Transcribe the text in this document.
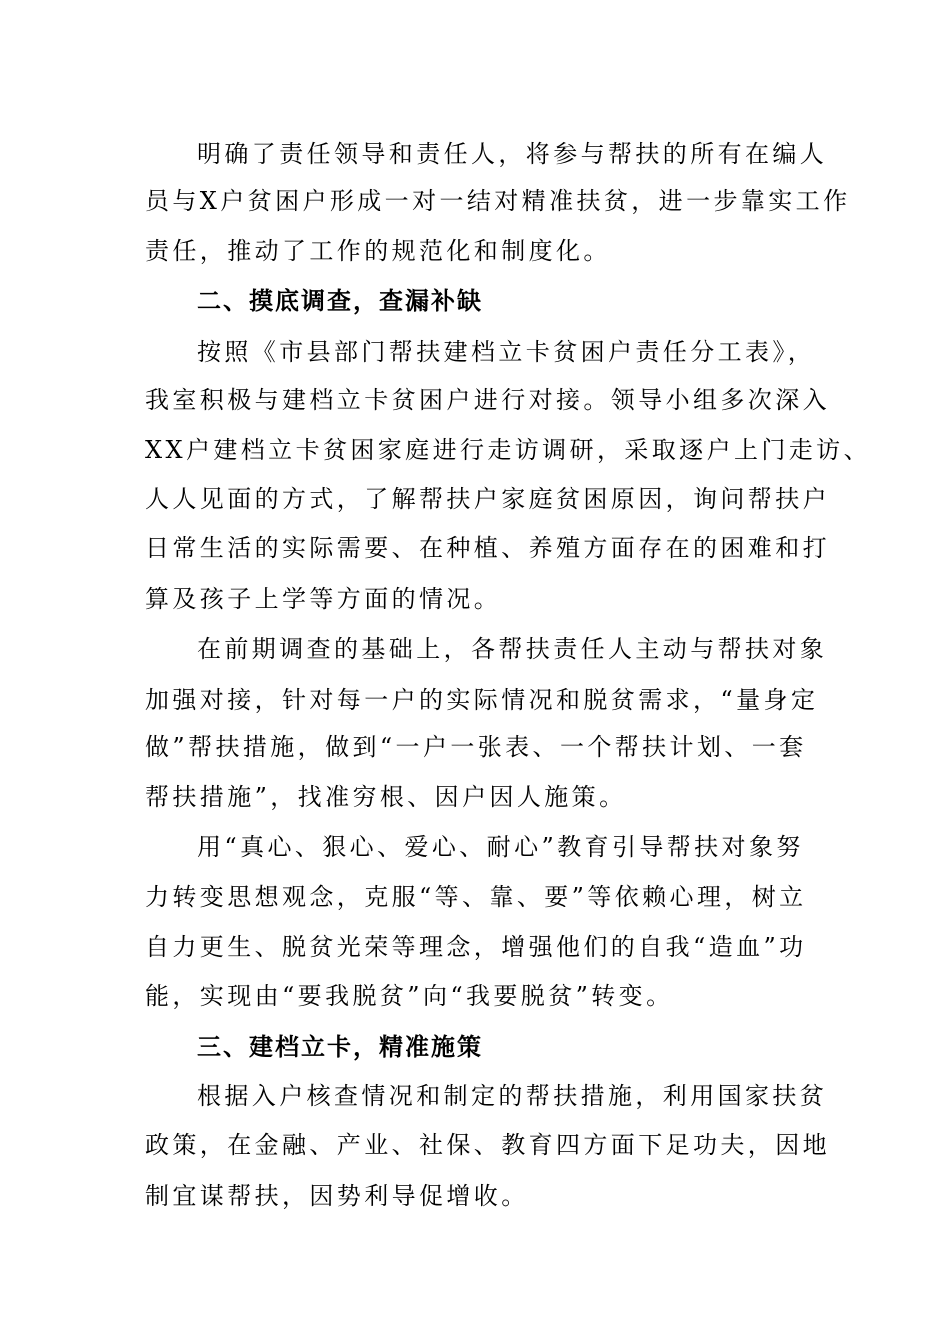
明确了责任领导和责任人，将参与帮扶的所有在编人
员与X户贫困户形成一对一结对精准扶贫，进一步靠实工作
责任，推动了工作的规范化和制度化。
二、摸底调查，查漏补缺
按照《市县部门帮扶建档立卡贫困户责任分工表》，
我室积极与建档立卡贫困户进行对接。领导小组多次深入
XX户建档立卡贫困家庭进行走访调研，采取逐户上门走访、
人人见面的方式，了解帮扶户家庭贫困原因，询问帮扶户
日常生活的实际需要、在种植、养殖方面存在的困难和打
算及孩子上学等方面的情况。
在前期调查的基础上，各帮扶责任人主动与帮扶对象
加强对接，针对每一户的实际情况和脱贫需求，“量身定
做”帮扶措施，做到“一户一张表、一个帮扶计划、一套
帮扶措施”，找准穷根、因户因人施策。
用“真心、狠心、爱心、耐心”教育引导帮扶对象努
力转变思想观念，克服“等、靠、要”等依赖心理，树立
自力更生、脱贫光荣等理念，增强他们的自我“造血”功
能，实现由“要我脱贫”向“我要脱贫”转变。
三、建档立卡，精准施策
根据入户核查情况和制定的帮扶措施，利用国家扶贫
政策，在金融、产业、社保、教育四方面下足功夫，因地
制宜谋帮扶，因势利导促增收。
